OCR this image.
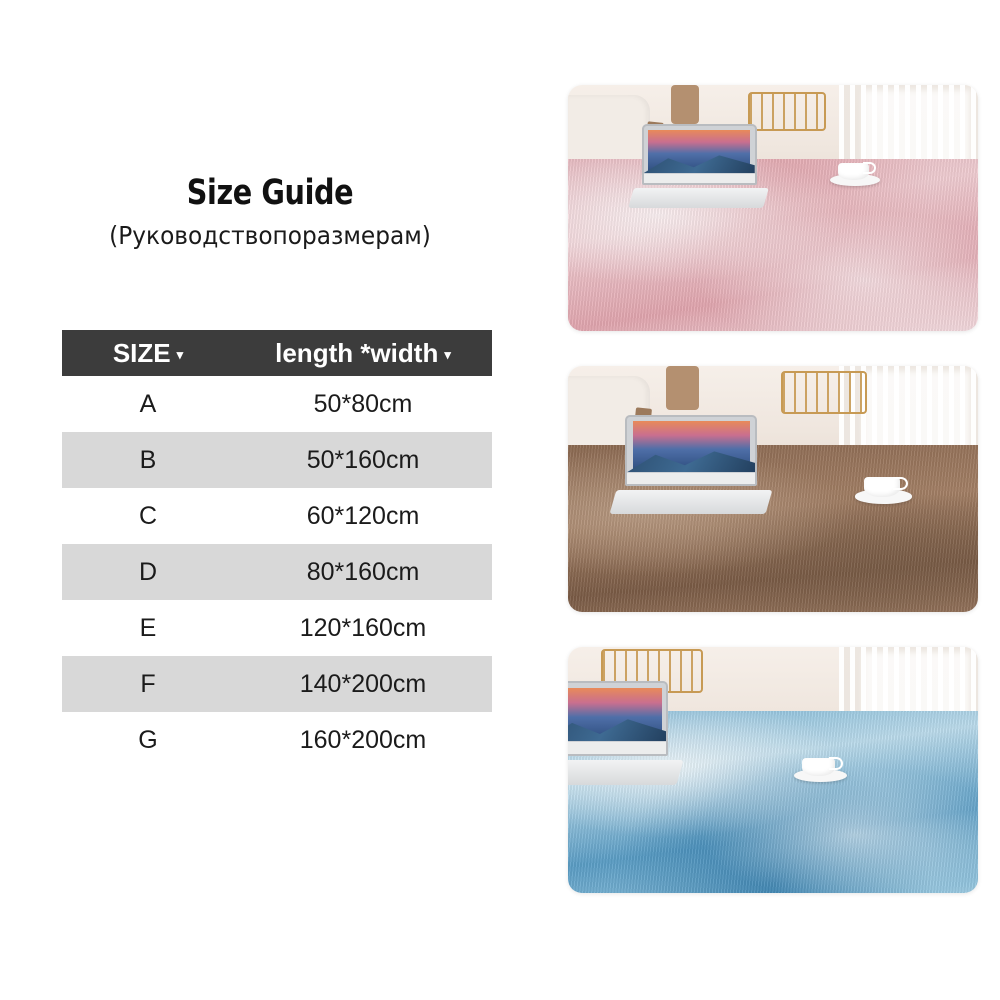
Size Guide
(Руководствопоразмерам)
SIZE ▾	length *width ▾
A	50*80cm
B	50*160cm
C	60*120cm
D	80*160cm
E	120*160cm
F	140*200cm
G	160*200cm
